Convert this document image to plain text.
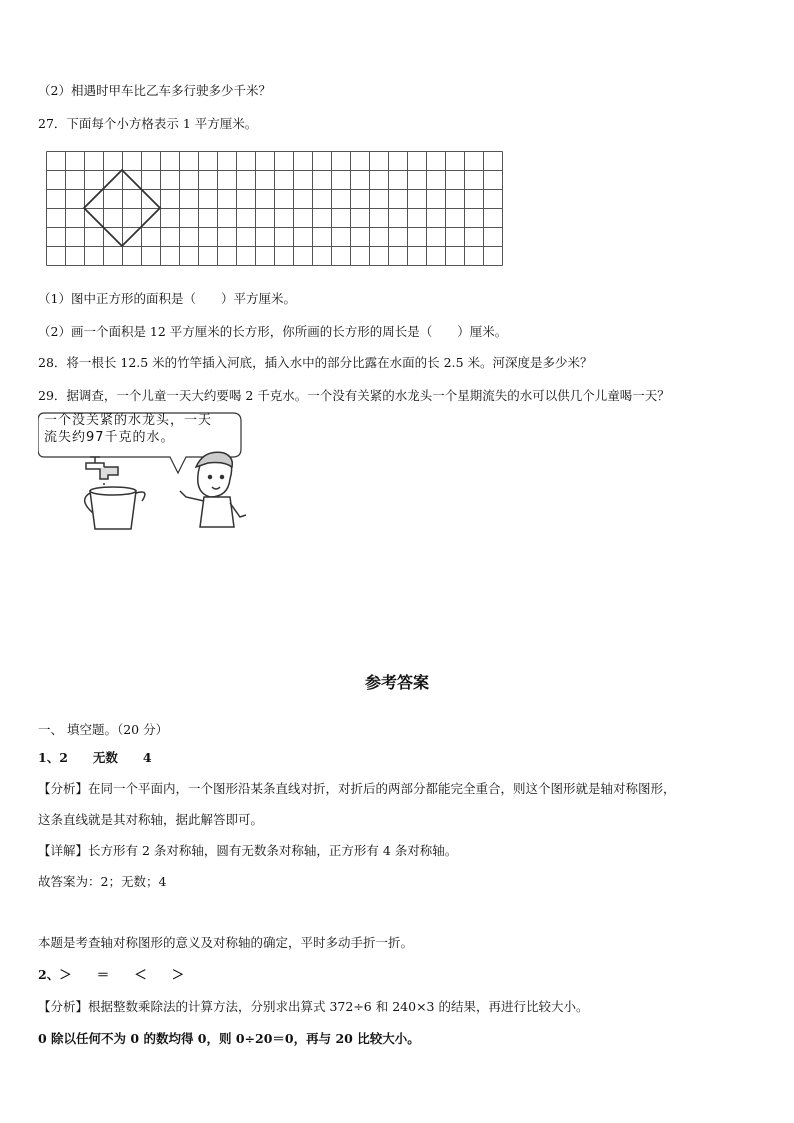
（2）相遇时甲车比乙车多行驶多少千米？
27．下面每个小方格表示 1 平方厘米。
（1）图中正方形的面积是（　　）平方厘米。
（2）画一个面积是 12 平方厘米的长方形，你所画的长方形的周长是（　　）厘米。
28．将一根长 12.5 米的竹竿插入河底，插入水中的部分比露在水面的长 2.5 米。河深度是多少米？
29．据调查，一个儿童一天大约要喝 2 千克水。一个没有关紧的水龙头一个星期流失的水可以供几个儿童喝一天？
一个没关紧的水龙头，一天
流失约97千克的水。
参考答案
一、 填空题。（20 分）
1、2　　无数　　4
【分析】在同一个平面内，一个图形沿某条直线对折，对折后的两部分都能完全重合，则这个图形就是轴对称图形，
这条直线就是其对称轴，据此解答即可。
【详解】长方形有 2 条对称轴，圆有无数条对称轴，正方形有 4 条对称轴。
故答案为：2；无数；4
本题是考查轴对称图形的意义及对称轴的确定，平时多动手折一折。
2、＞　　＝　　＜　　＞
【分析】根据整数乘除法的计算方法，分别求出算式 372÷6 和 240×3 的结果，再进行比较大小。
0 除以任何不为 0 的数均得 0，则 0÷20＝0，再与 20 比较大小。
